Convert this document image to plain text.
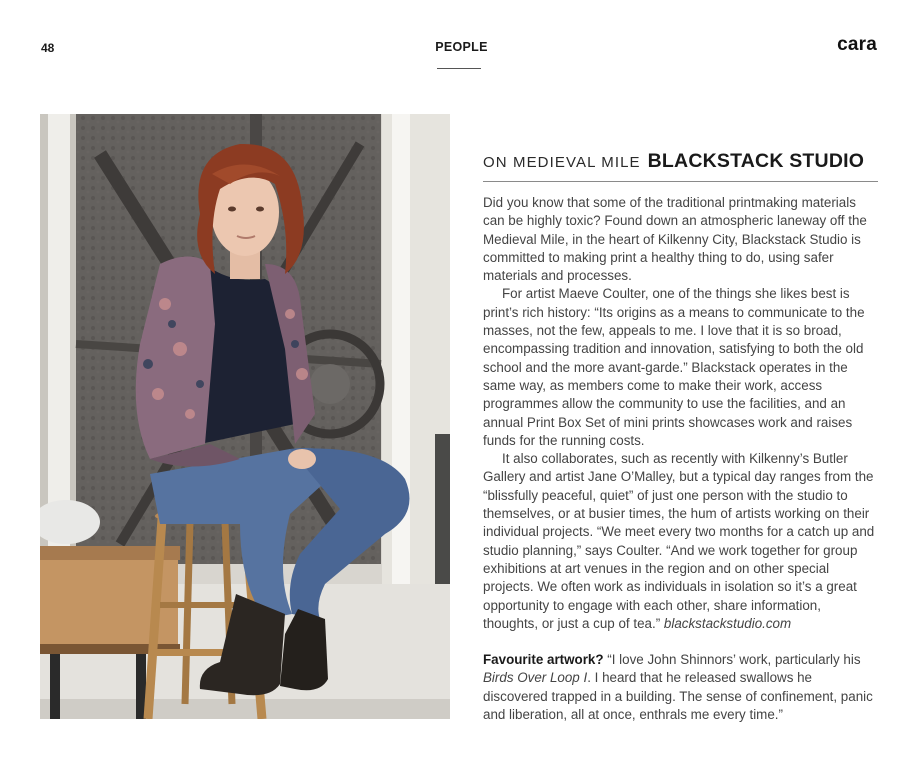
48	PEOPLE	cara
ON MEDIEVAL MILE BLACKSTACK STUDIO

Did you know that some of the traditional printmaking materials can be highly toxic? Found down an atmospheric laneway off the Medieval Mile, in the heart of Kilkenny City, Blackstack Studio is committed to making print a healthy thing to do, using safer materials and processes.

For artist Maeve Coulter, one of the things she likes best is print’s rich history: “Its origins as a means to communicate to the masses, not the few, appeals to me. I love that it is so broad, encompassing tradition and innovation, satisfying to both the old school and the more avant-garde.” Blackstack operates in the same way, as members come to make their work, access programmes allow the community to use the facilities, and an annual Print Box Set of mini prints showcases work and raises funds for the running costs.

It also collaborates, such as recently with Kilkenny’s Butler Gallery and artist Jane O’Malley, but a typical day ranges from the “blissfully peaceful, quiet” of just one person with the studio to themselves, or at busier times, the hum of artists working on their individual projects. “We meet every two months for a catch up and studio planning,” says Coulter. “And we work together for group exhibitions at art venues in the region and on other special projects. We often work as individuals in isolation so it’s a great opportunity to engage with each other, share information, thoughts, or just a cup of tea.” blackstackstudio.com

Favourite artwork? “I love John Shinnors’ work, particularly his Birds Over Loop I. I heard that he released swallows he discovered trapped in a building. The sense of confinement, panic and liberation, all at once, enthrals me every time.”
